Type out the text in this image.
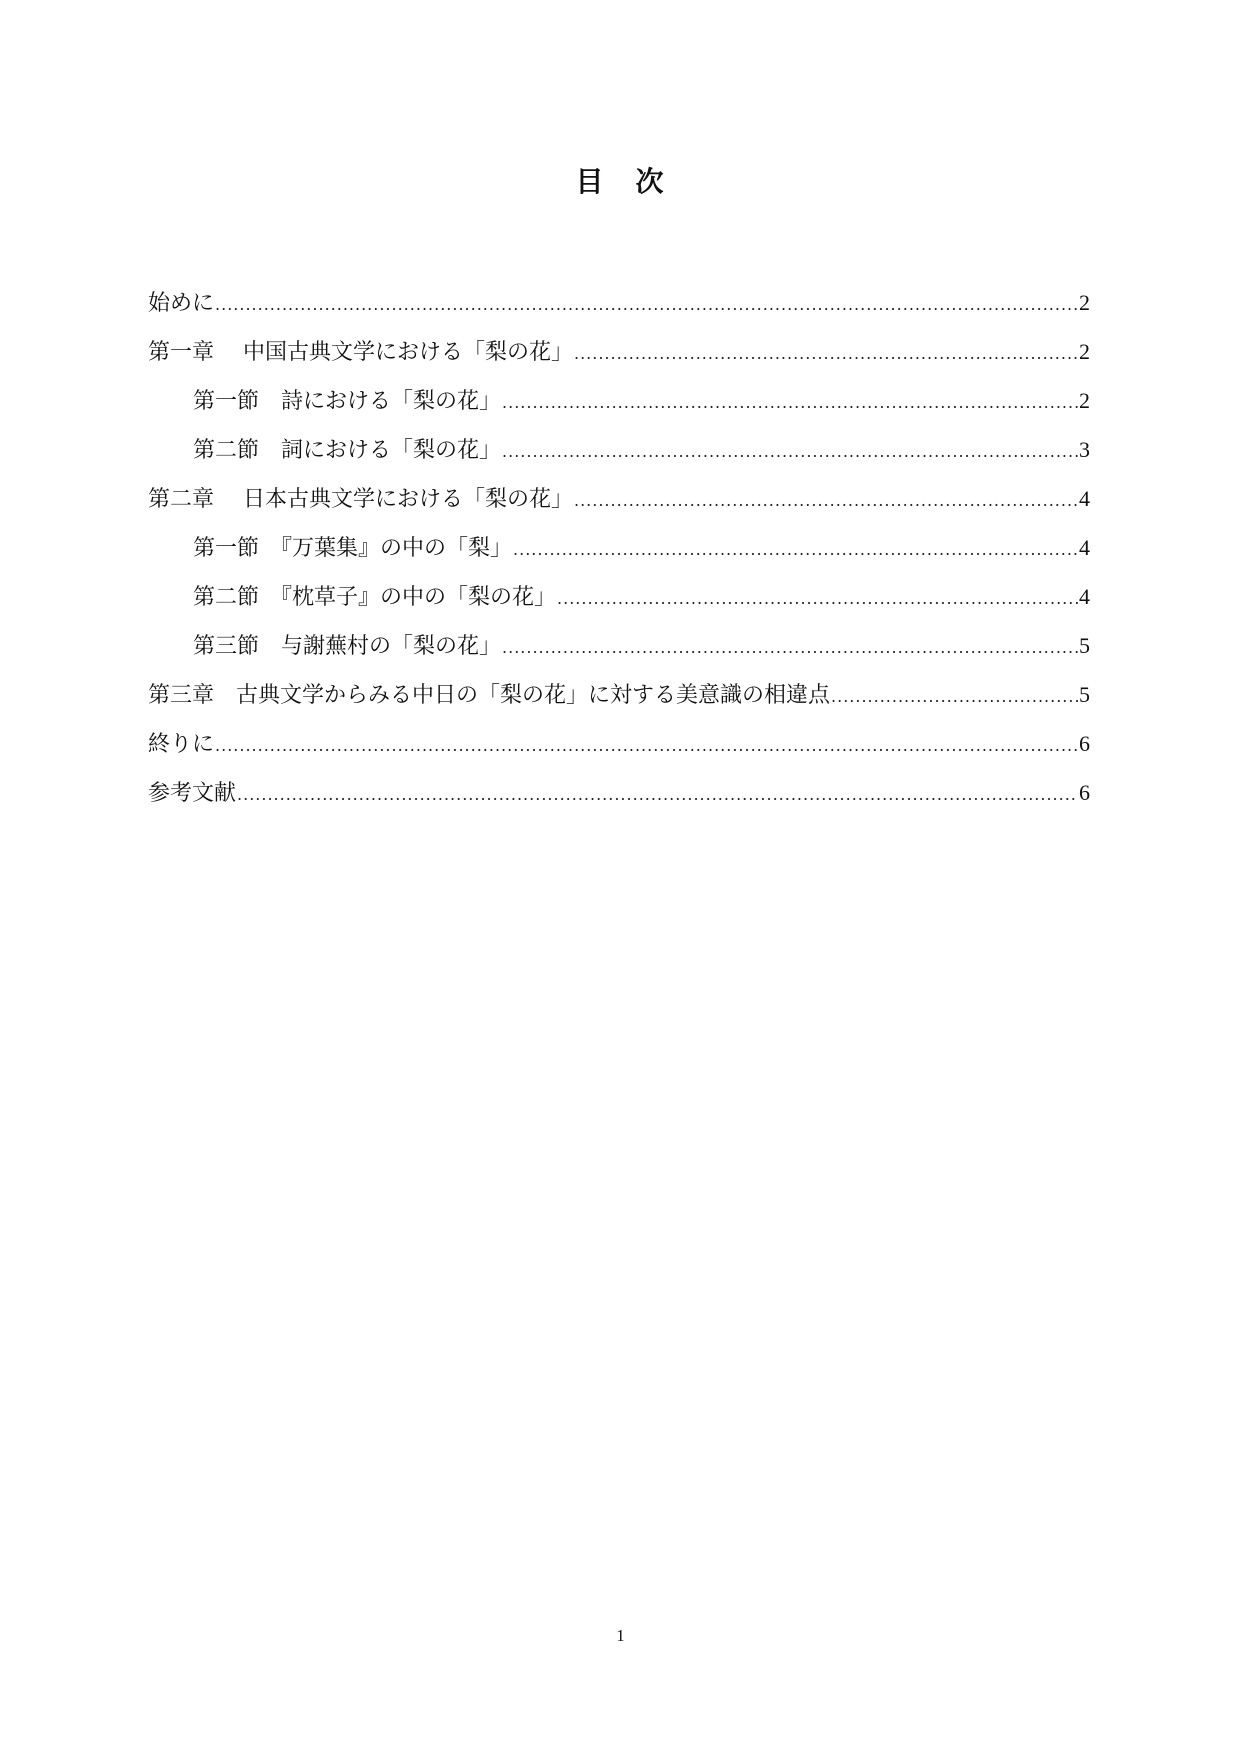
目　次
始めに .....	2
第一章　 中国古典文学における「梨の花」 .....	2
第一節　詩における「梨の花」 .....	2
第二節　詞における「梨の花」 .....	3
第二章　 日本古典文学における「梨の花」 .....	4
第一節　『万葉集』の中の「梨」 .....	4
第二節　『枕草子』の中の「梨の花」 .....	4
第三節　与謝蕪村の「梨の花」 .....	5
第三章　古典文学からみる中日の「梨の花」に対する美意識の相違点 .....	5
終りに .....	6
参考文献 .....	6
1
